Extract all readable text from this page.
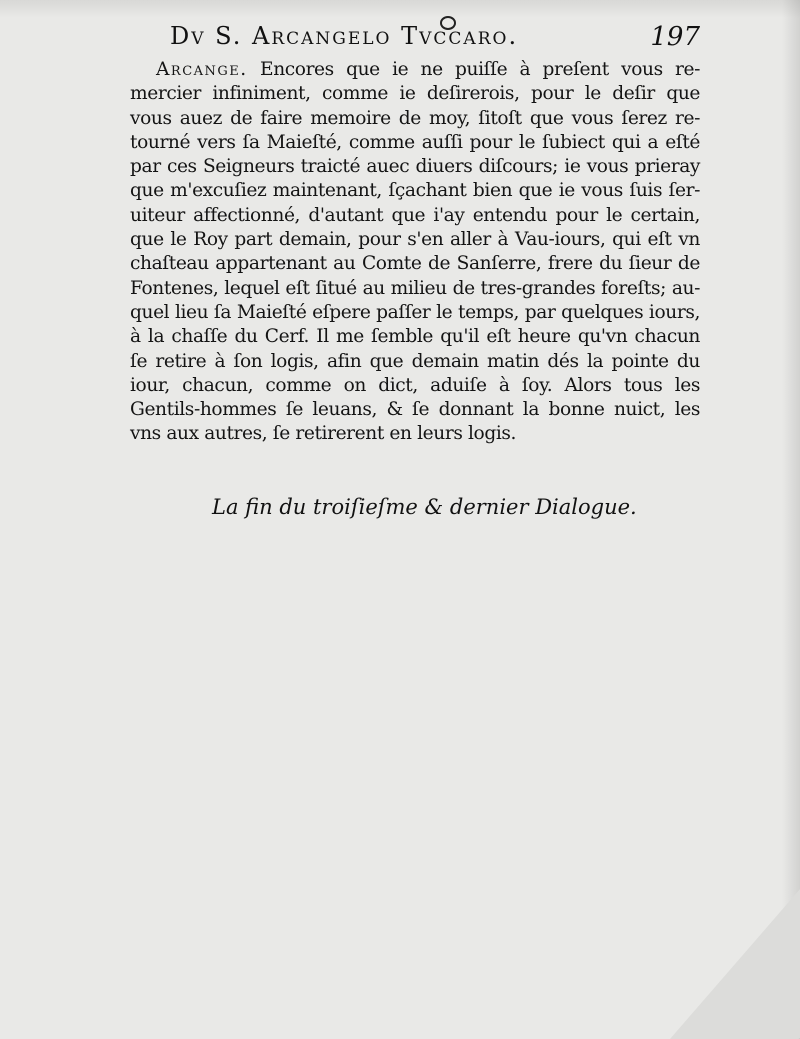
Dv S. Arcangelo Tvccaro.	197
Arcange. Encores que ie ne puiſſe à preſent vous re-
mercier infiniment, comme ie deſirerois, pour le deſir que
vous auez de faire memoire de moy, ſitoſt que vous ſerez re-
tourné vers ſa Maieſté, comme auſſi pour le ſubiect qui a eſté
par ces Seigneurs traicté auec diuers diſcours; ie vous prieray
que m'excuſiez maintenant, ſçachant bien que ie vous ſuis ſer-
uiteur affectionné, d'autant que i'ay entendu pour le certain,
que le Roy part demain, pour s'en aller à Vau-iours, qui eſt vn
chaſteau appartenant au Comte de Sanſerre, frere du ſieur de
Fontenes, lequel eſt ſitué au milieu de tres-grandes foreſts; au-
quel lieu ſa Maieſté eſpere paſſer le temps, par quelques iours,
à la chaſſe du Cerf. Il me ſemble qu'il eſt heure qu'vn chacun
ſe retire à ſon logis, afin que demain matin dés la pointe du
iour, chacun, comme on dict, aduiſe à ſoy. Alors tous les
Gentils-hommes ſe leuans, & ſe donnant la bonne nuict, les
vns aux autres, ſe retirerent en leurs logis.
La fin du troiſieſme & dernier Dialogue.
